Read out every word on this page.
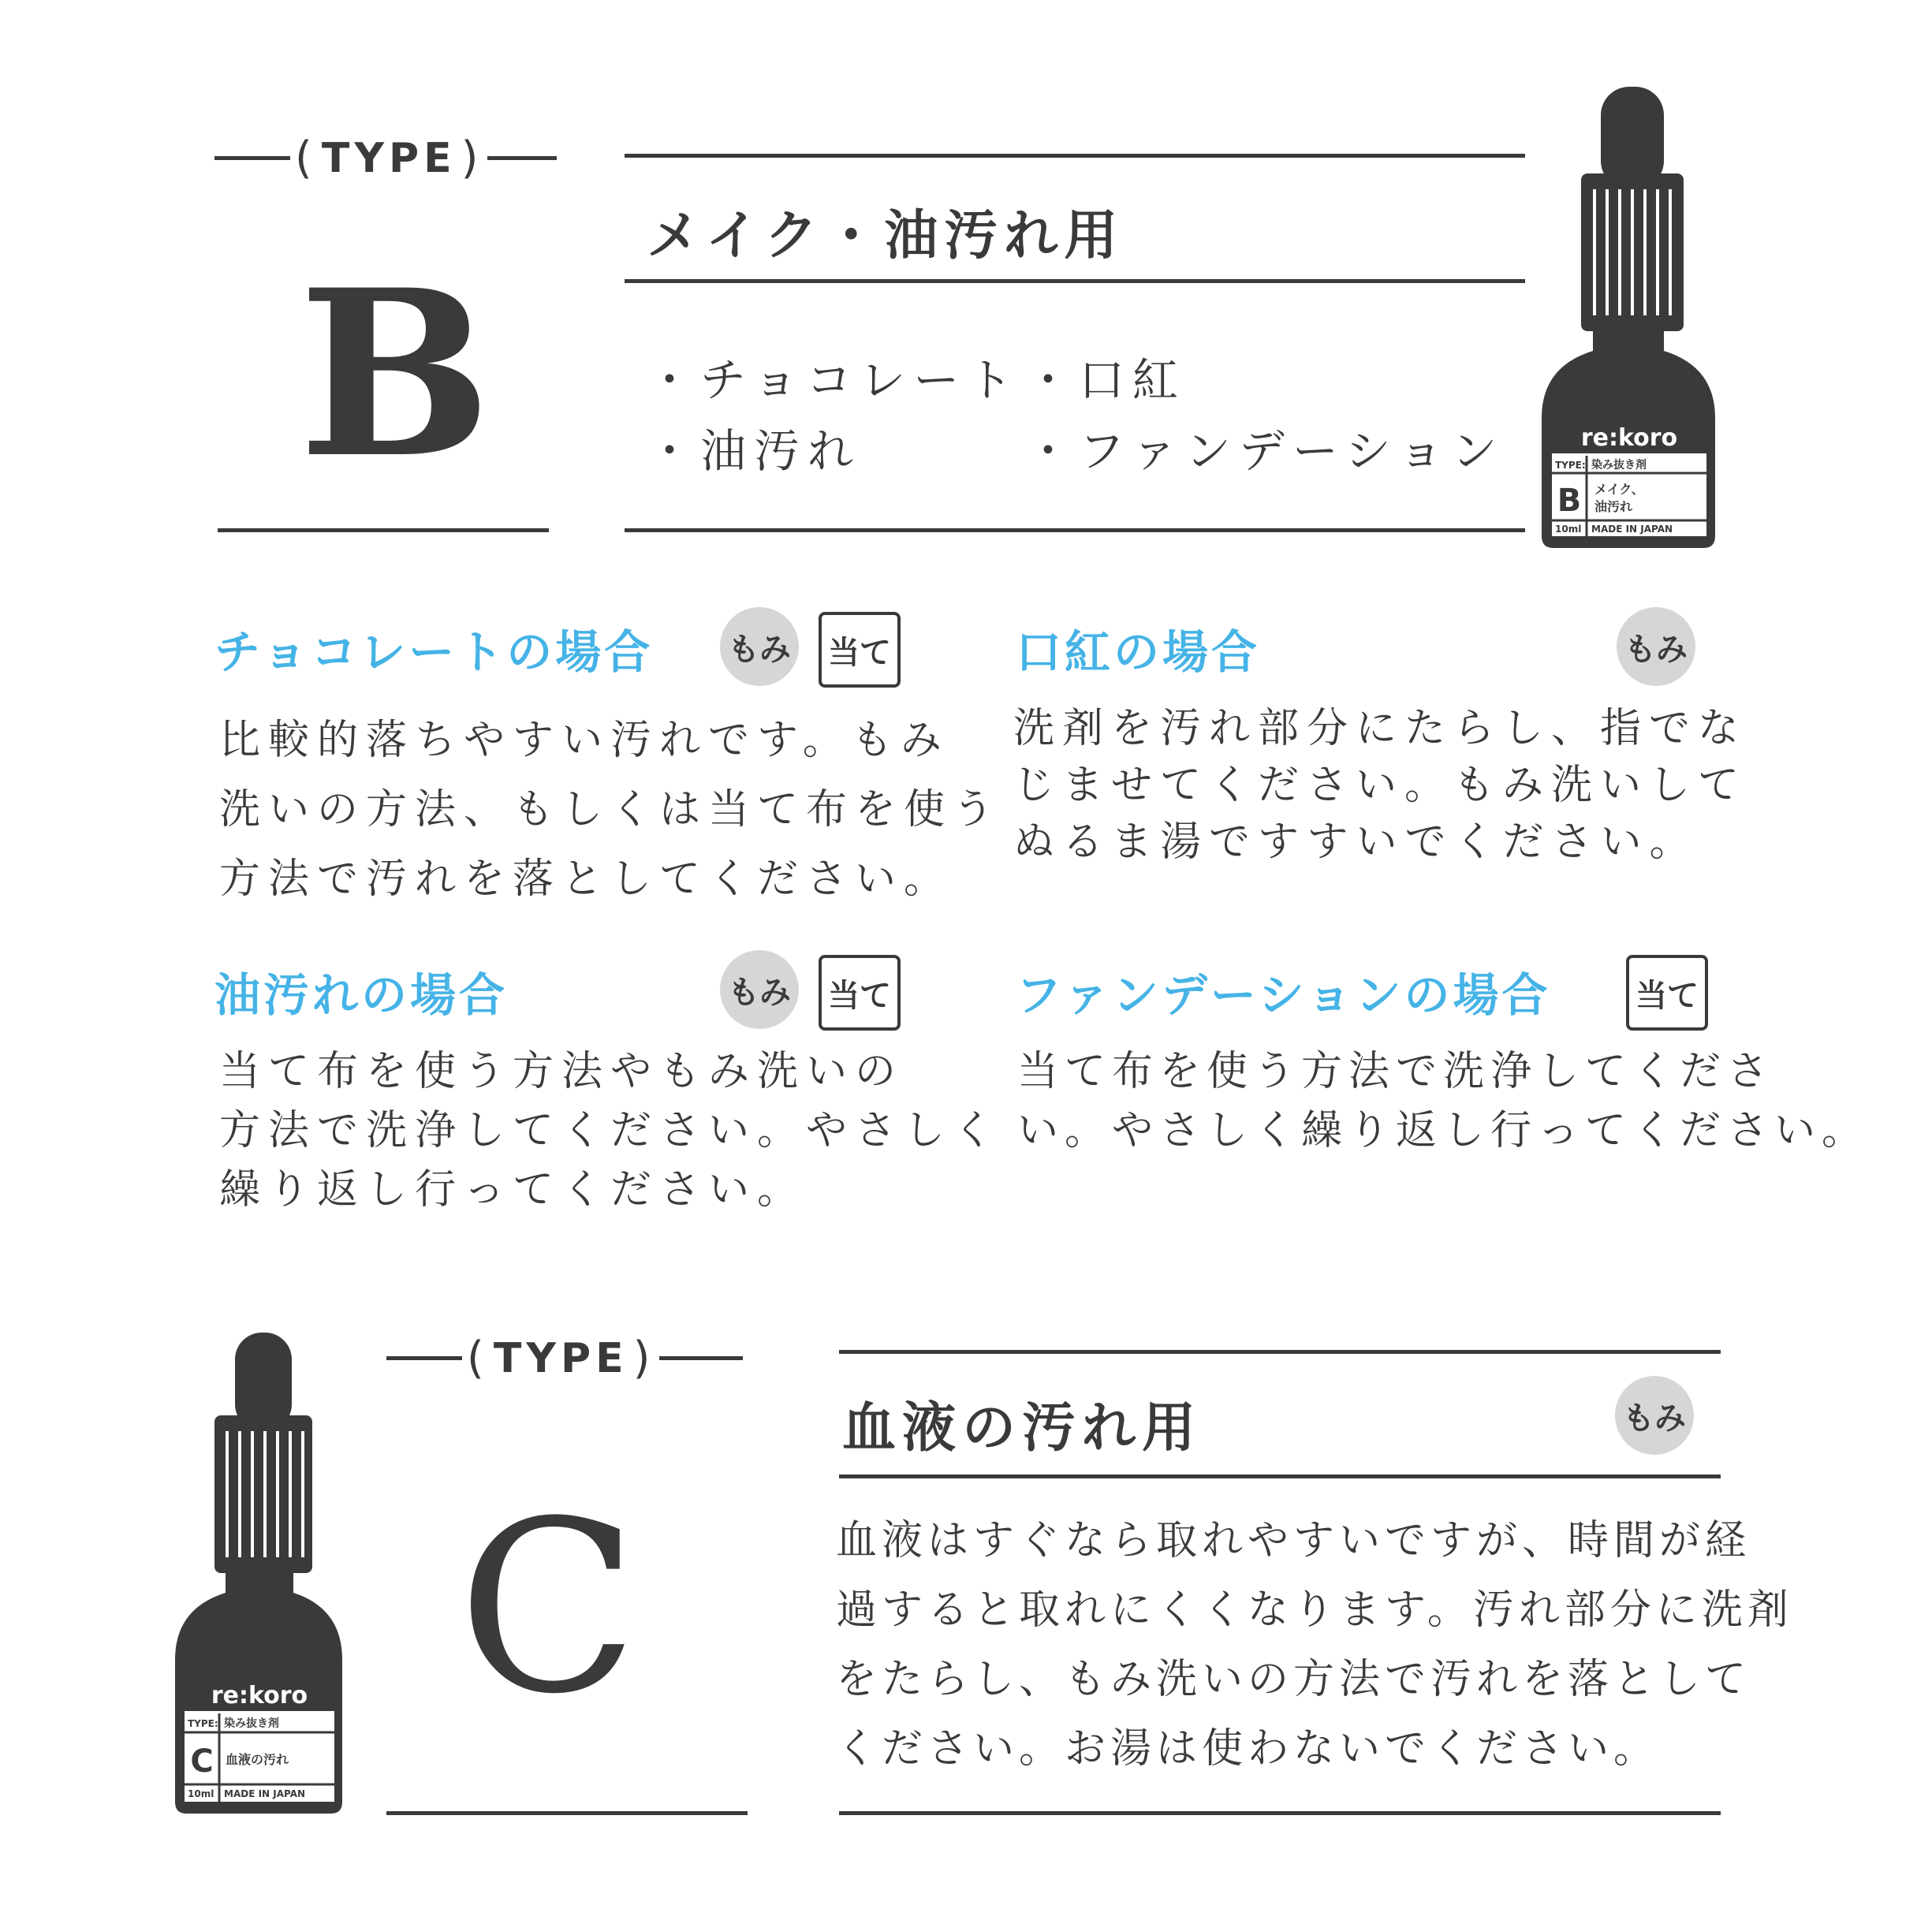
( TYPE )
B
メイク・油汚れ用
・チョコレート ・口紅
・油汚れ	・ファンデーション	re:koro
TYPE: 染み抜き剤
B メイク、
油汚れ
10ml MADE IN JAPAN
チョコレートの場合 もみ	当て
比較的落ちやすい汚れです。もみ
洗いの方法、もしくは当て布を使う
方法で汚れを落としてください。
口紅の場合	もみ
洗剤を汚れ部分にたらし、指でな
じませてください。もみ洗いして
ぬるま湯ですすいでください。
油汚れの場合	もみ	当て
当て布を使う方法やもみ洗いの
方法で洗浄してください。やさしく
繰り返し行ってください。
ファンデーションの場合	当て
当て布を使う方法で洗浄してくださ
い。やさしく繰り返し行ってください。
re:koro
TYPE: 染み抜き剤
C 血液の汚れ
10ml MADE IN JAPAN
( TYPE )
C
血液の汚れ用	もみ
血液はすぐなら取れやすいですが、時間が経
過すると取れにくくなります。汚れ部分に洗剤
をたらし、もみ洗いの方法で汚れを落として
ください。お湯は使わないでください。
